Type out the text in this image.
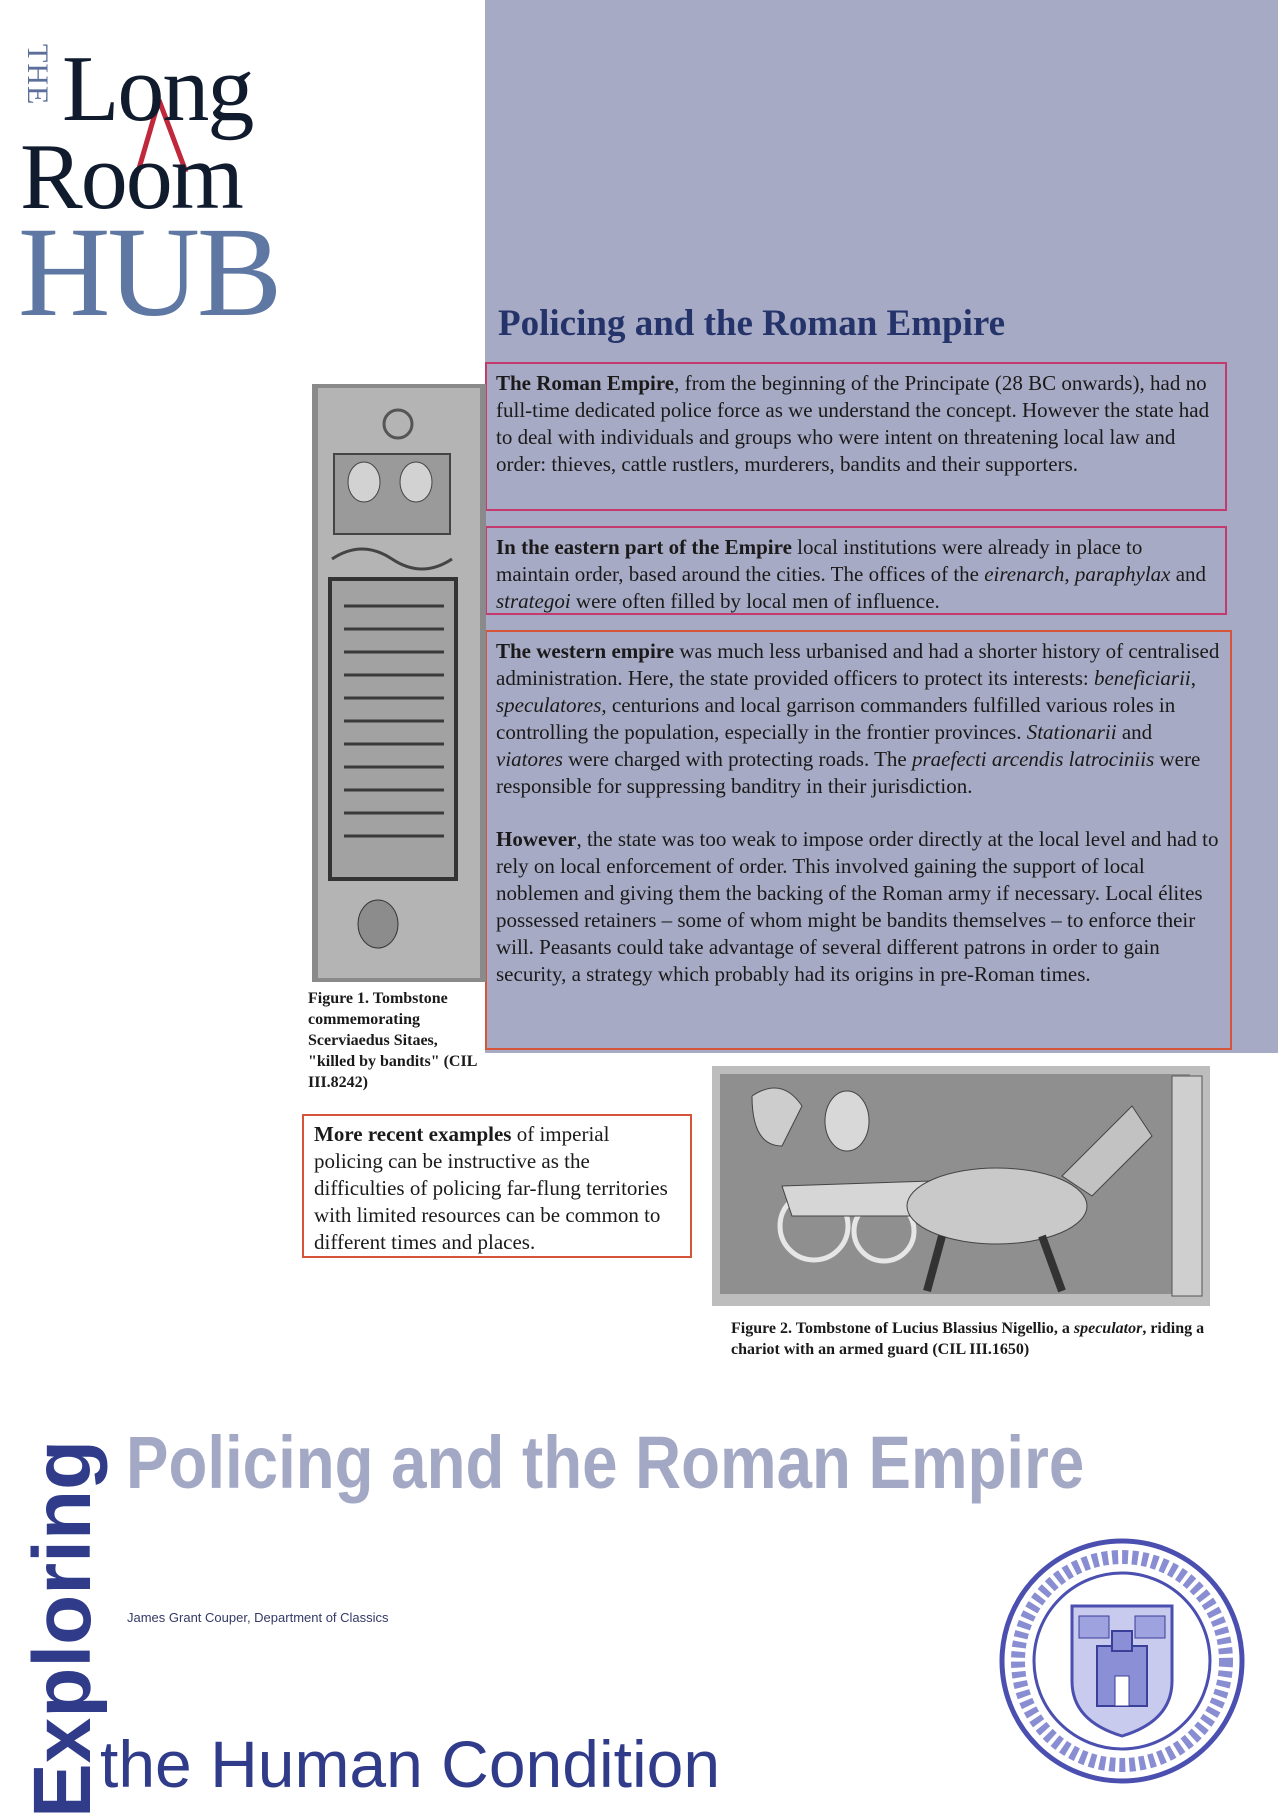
THE Long
Room
HUB	Policing and the Roman Empire
The Roman Empire, from the beginning of the Principate (28 BC onwards), had no full-time dedicated police force as we understand the concept. However the state had to deal with individuals and groups who were intent on threatening local law and order: thieves, cattle rustlers, murderers, bandits and their supporters.
In the eastern part of the Empire local institutions were already in place to maintain order, based around the cities. The offices of the eirenarch, paraphylax and strategoi were often filled by local men of influence.

The western empire was much less urbanised and had a shorter history of centralised administration. Here, the state provided officers to protect its interests: beneficiarii, speculatores, centurions and local garrison commanders fulfilled various roles in controlling the population, especially in the frontier provinces. Stationarii and viatores were charged with protecting roads. The praefecti arcendis latrociniis were responsible for suppressing banditry in their jurisdiction.

However, the state was too weak to impose order directly at the local level and had to rely on local enforcement of order. This involved gaining the support of local noblemen and giving them the backing of the Roman army if necessary. Local élites possessed retainers – some of whom might be bandits themselves – to enforce their will. Peasants could take advantage of several different patrons in order to gain security, a strategy which probably had its origins in pre-Roman times.

Figure 1. Tombstone commemorating Scerviaedus Sitaes, "killed by bandits" (CIL III.8242)
More recent examples of imperial policing can be instructive as the difficulties of policing far-flung territories with limited resources can be common to different times and places.
Figure 2. Tombstone of Lucius Blassius Nigellio, a speculator, riding a chariot with an armed guard (CIL III.1650)
Exploring Policing and the Roman Empire
James Grant Couper, Department of Classics
the Human Condition
